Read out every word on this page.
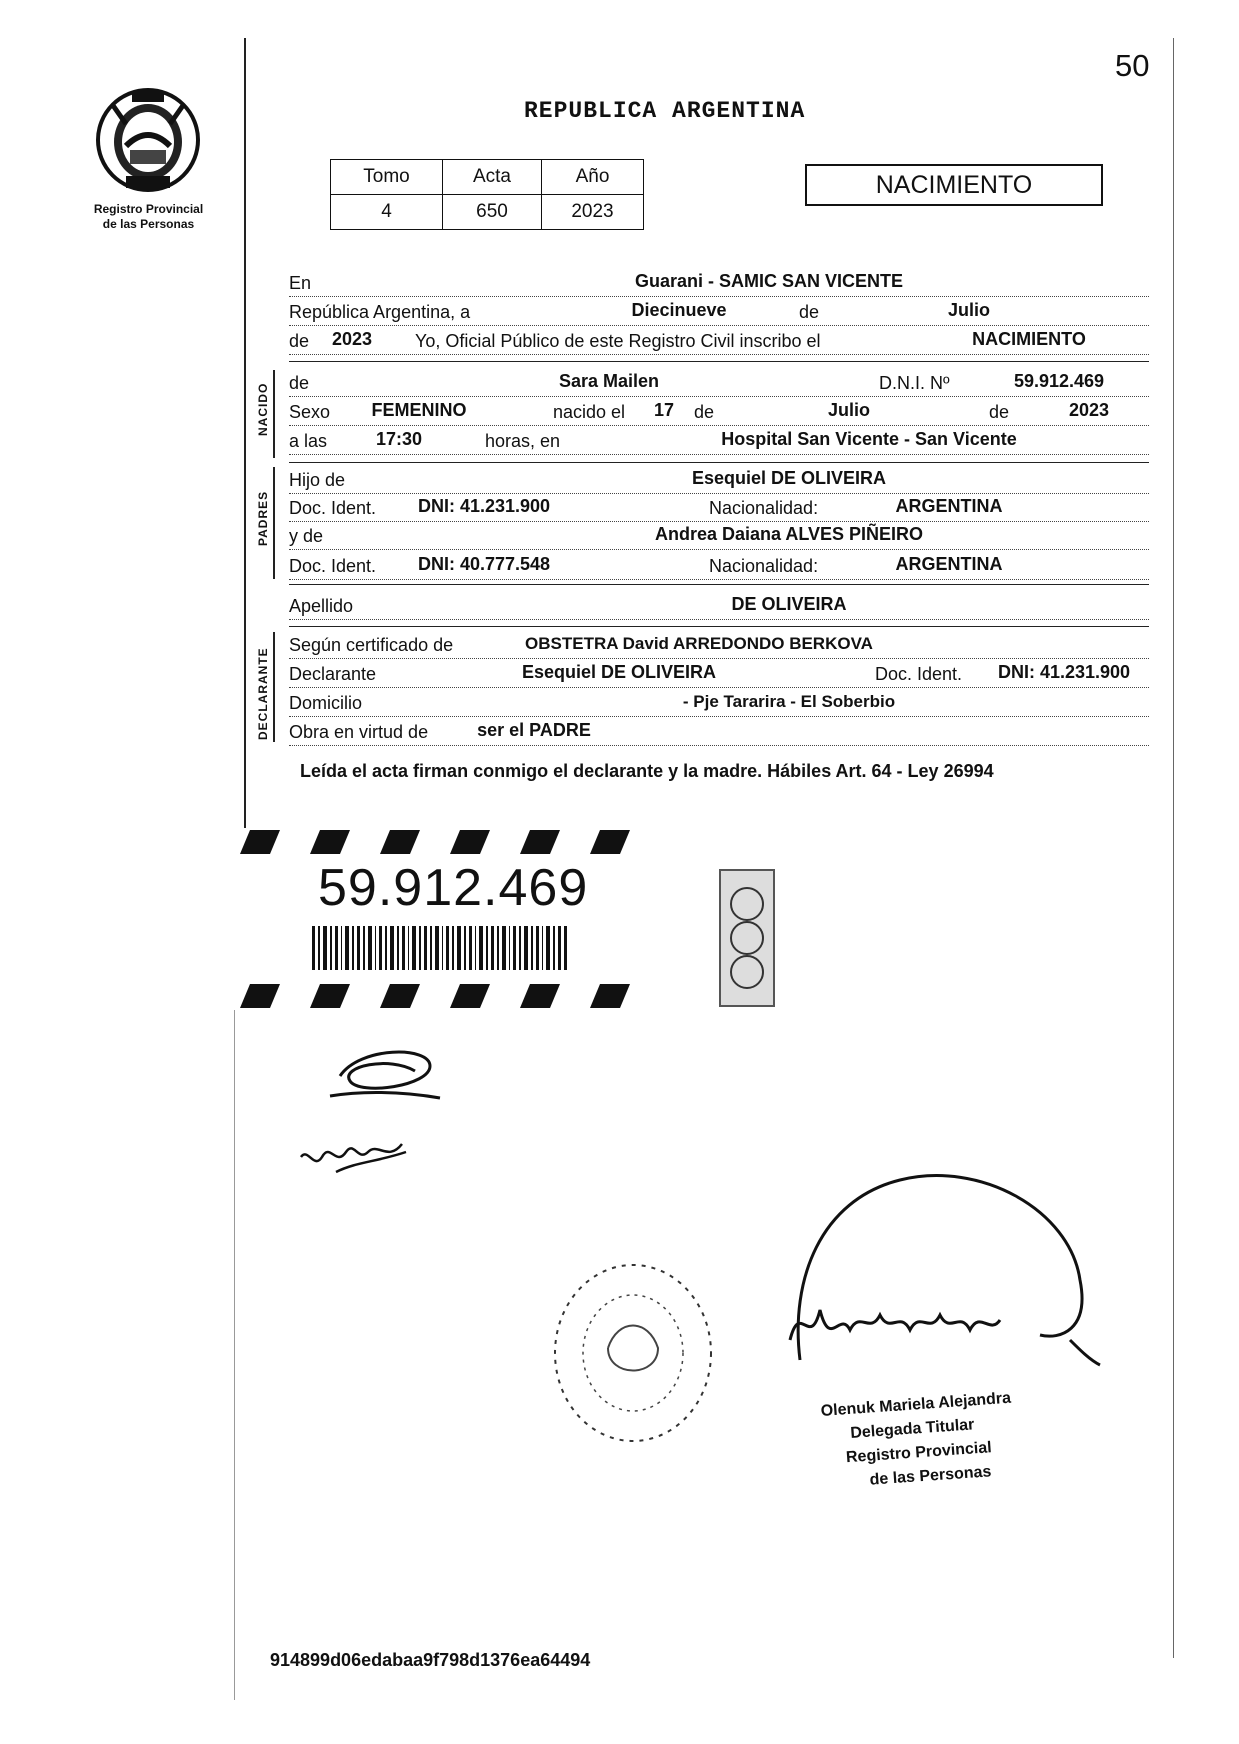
50
REPUBLICA ARGENTINA
Registro Provincial
de las Personas
Tomo	Acta	Año
4	650	2023
NACIMIENTO
En	Guarani - SAMIC SAN VICENTE
República Argentina, a	Diecinueve	de	Julio
de	2023	Yo, Oficial Público de este Registro Civil inscribo el	NACIMIENTO
de	Sara Mailen	D.N.I. Nº	59.912.469
Sexo	FEMENINO	nacido el	17	de	Julio	de	2023
a las	17:30	horas, en	Hospital San Vicente - San Vicente
Hijo de	Esequiel DE OLIVEIRA
Doc. Ident.	DNI: 41.231.900	Nacionalidad:	ARGENTINA
y de	Andrea Daiana ALVES PIÑEIRO
Doc. Ident.	DNI: 40.777.548	Nacionalidad:	ARGENTINA
Apellido	DE OLIVEIRA
Según certificado de	OBSTETRA David ARREDONDO BERKOVA
Declarante	Esequiel DE OLIVEIRA	Doc. Ident.	DNI: 41.231.900
Domicilio	- Pje Tararira - El Soberbio
Obra en virtud de	ser el PADRE
NACIDO
PADRES
DECLARANTE
Leída el acta firman conmigo el declarante y la madre. Hábiles Art. 64 - Ley 26994
59.912.469
Olenuk Mariela Alejandra
Delegada Titular
Registro Provincial
de las Personas
914899d06edabaa9f798d1376ea64494
